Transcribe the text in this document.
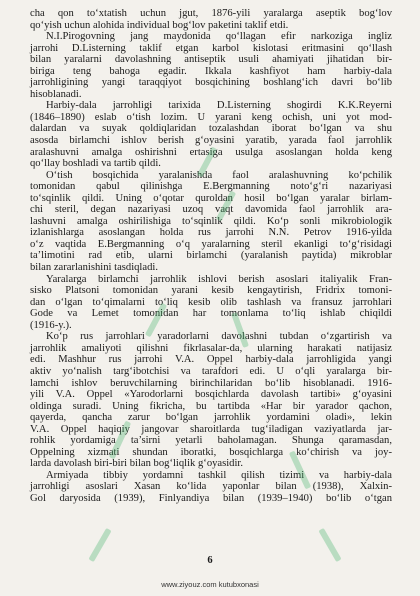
cha qon to‘xtatish uchun jgut, 1876-yili yaralarga aseptik bog‘lov
qo‘yish uchun alohida individual bog‘lov paketini taklif etdi.

N.I.Pirogovning jang maydonida qo‘llagan efir narkoziga ingliz
jarrohi D.Listerning taklif etgan karbol kislotasi eritmasini qo‘llash
bilan yaralarni davolashning antiseptik usuli ahamiyati jihatidan bir-
biriga teng bahoga egadir. Ikkala kashfiyot ham harbiy-dala
jarrohligining yangi taraqqiyot bosqichining boshlang‘ich davri bo‘lib
hisoblanadi.

Harbiy-dala jarrohligi tarixida D.Listerning shogirdi K.K.Reyerni
(1846–1890) eslab o‘tish lozim. U yarani keng ochish, uni yot mod-
dalardan va suyak qoldiqlaridan tozalashdan iborat bo‘lgan va shu
asosda birlamchi ishlov berish g‘oyasini yaratib, yarada faol jarrohlik
aralashuvni amalga oshirishni ertasiga usulga asoslangan holda keng
qo‘llay boshladi va tartib qildi.

O‘tish bosqichida yaralanishda faol aralashuvning ko‘pchilik
tomonidan qabul qilinishga E.Bergmanning noto‘g‘ri nazariyasi
to‘sqinlik qildi. Uning o‘qotar quroldan hosil bo‘lgan yaralar birlam-
chi steril, degan nazariyasi uzoq vaqt davomida faol jarrohlik ara-
lashuvni amalga oshirilishiga to‘sqinlik qildi. Ko‘p sonli mikrobiologik
izlanishlarga asoslangan holda rus jarrohi N.N. Petrov 1916-yilda
o‘z vaqtida E.Bergmanning o‘q yaralarning steril ekanligi to‘g‘risidagi
ta’limotini rad etib, ularni birlamchi (yaralanish paytida) mikroblar
bilan zararlanishini tasdiqladi.

Yaralarga birlamchi jarrohlik ishlovi berish asoslari italiyalik Fran-
sisko Platsoni tomonidan yarani kesib kengaytirish, Fridrix tomoni-
dan o‘lgan to‘qimalarni to‘liq kesib olib tashlash va fransuz jarrohlari
Gode va Lemet tomonidan har tomonlama to‘liq ishlab chiqildi
(1916-y.).

Ko‘p rus jarrohlari yaradorlarni davolashni tubdan o‘zgartirish va
jarrohlik amaliyoti qilishni fikrlasalar-da, ularning harakati natijasiz
edi. Mashhur rus jarrohi V.A. Oppel harbiy-dala jarrohligida yangi
aktiv yo‘nalish targ‘ibotchisi va tarafdori edi. U o‘qli yaralarga bir-
lamchi ishlov beruvchilarning birinchilaridan bo‘lib hisoblanadi. 1916-
yili V.A. Oppel «Yarodorlarni bosqichlarda davolash tartibi» g‘oyasini
oldinga suradi. Uning fikricha, bu tartibda «Har bir yarador qachon,
qayerda, qancha zarur bo‘lgan jarrohlik yordamini oladi», lekin
V.A. Oppel haqiqiy jangovar sharoitlarda tug‘iladigan vaziyatlarda jar-
rohlik yordamiga ta’sirni yetarli baholamagan. Shunga qaramasdan,
Oppelning xizmati shundan iboratki, bosqichlarga ko‘chirish va joy-
larda davolash biri-biri bilan bog‘liqlik g‘oyasidir.

Armiyada tibbiy yordamni tashkil qilish tizimi va harbiy-dala
jarrohligi asoslari Xasan ko‘lida yaponlar bilan (1938), Xalxin-
Gol daryosida (1939), Finlyandiya bilan (1939–1940) bo‘lib o‘tgan

6
www.ziyouz.com kutubxonasi
